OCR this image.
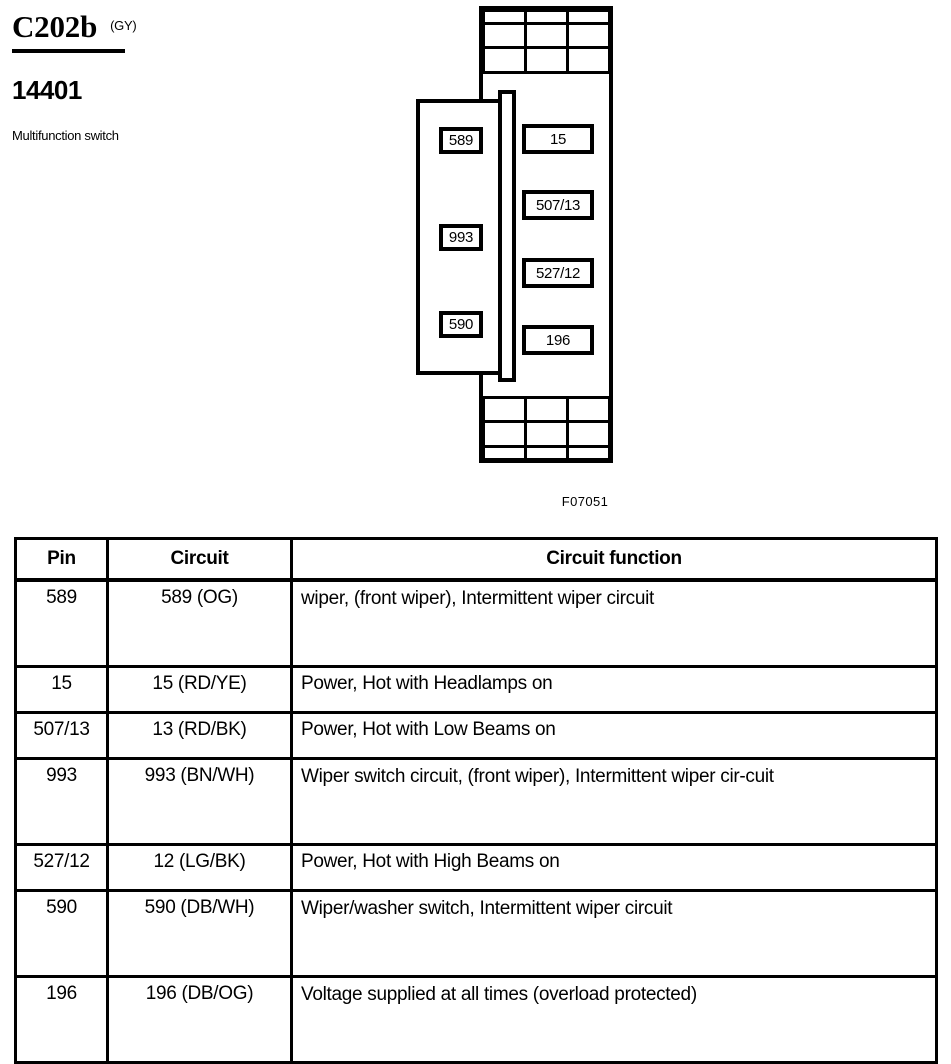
C202b (GY)
14401
Multifunction switch	589
993
590
15
507/13
527/12
196
F07051
Pin	Circuit	Circuit function
589	589 (OG)	wiper, (front wiper), Intermittent wiper circuit
15	15 (RD/YE)	Power, Hot with Headlamps on
507/13	13 (RD/BK)	Power, Hot with Low Beams on
993	993 (BN/WH)	Wiper switch circuit, (front wiper), Intermittent wiper cir-cuit
527/12	12 (LG/BK)	Power, Hot with High Beams on
590	590 (DB/WH)	Wiper/washer switch, Intermittent wiper circuit
196	196 (DB/OG)	Voltage supplied at all times (overload protected)
